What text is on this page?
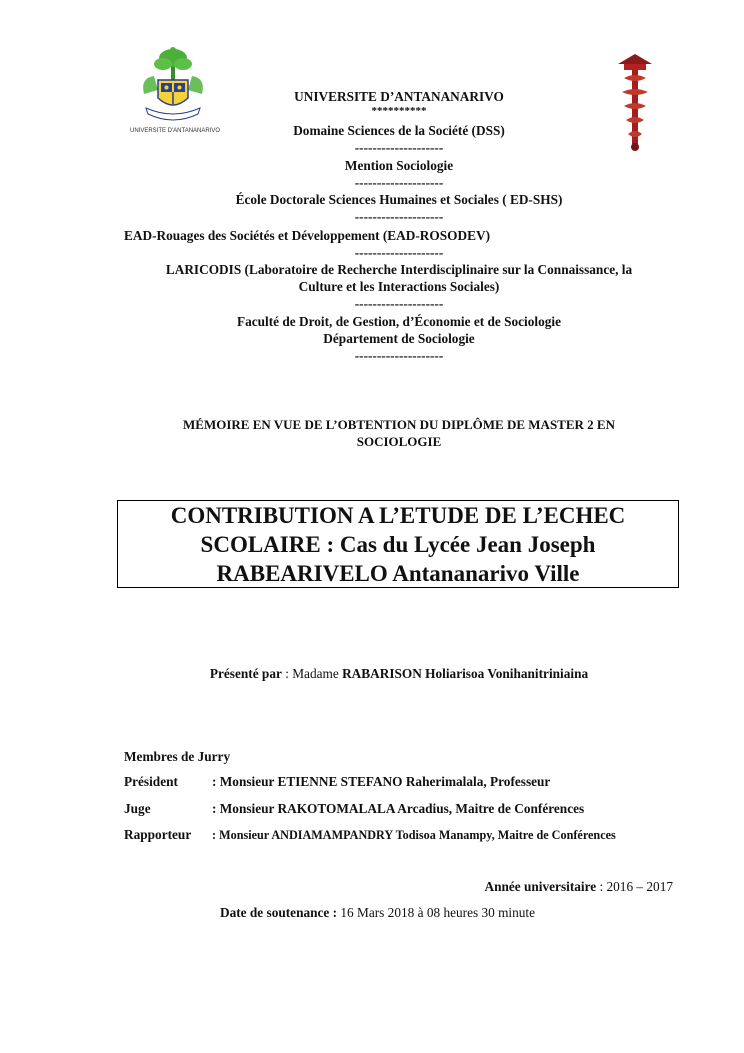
UNIVERSITE D'ANTANANARIVO
UNIVERSITE D’ANTANANARIVO
**********
Domaine Sciences de la Société (DSS)
--------------------
Mention Sociologie
--------------------
École Doctorale Sciences Humaines et Sociales ( ED-SHS)
--------------------
EAD-Rouages des Sociétés et Développement (EAD-ROSODEV)
--------------------
LARICODIS (Laboratoire de Recherche Interdisciplinaire sur la Connaissance, la
Culture et les Interactions Sociales)
--------------------
Faculté de Droit, de Gestion, d’Économie et de Sociologie
Département de Sociologie
--------------------
MÉMOIRE EN VUE DE L’OBTENTION DU DIPLÔME DE MASTER 2 EN
SOCIOLOGIE
CONTRIBUTION A L’ETUDE DE L’ECHEC
SCOLAIRE : Cas du Lycée Jean Joseph
RABEARIVELO Antananarivo Ville
Présenté par : Madame RABARISON Holiarisoa Vonihanitriniaina
Membres de Jurry
Président	: Monsieur ETIENNE STEFANO Raherimalala, Professeur
Juge	: Monsieur RAKOTOMALALA Arcadius, Maitre de Conférences
Rapporteur : Monsieur ANDIAMAMPANDRY Todisoa Manampy, Maitre de Conférences
Année universitaire : 2016 – 2017
Date de soutenance : 16 Mars 2018 à 08 heures 30 minute
